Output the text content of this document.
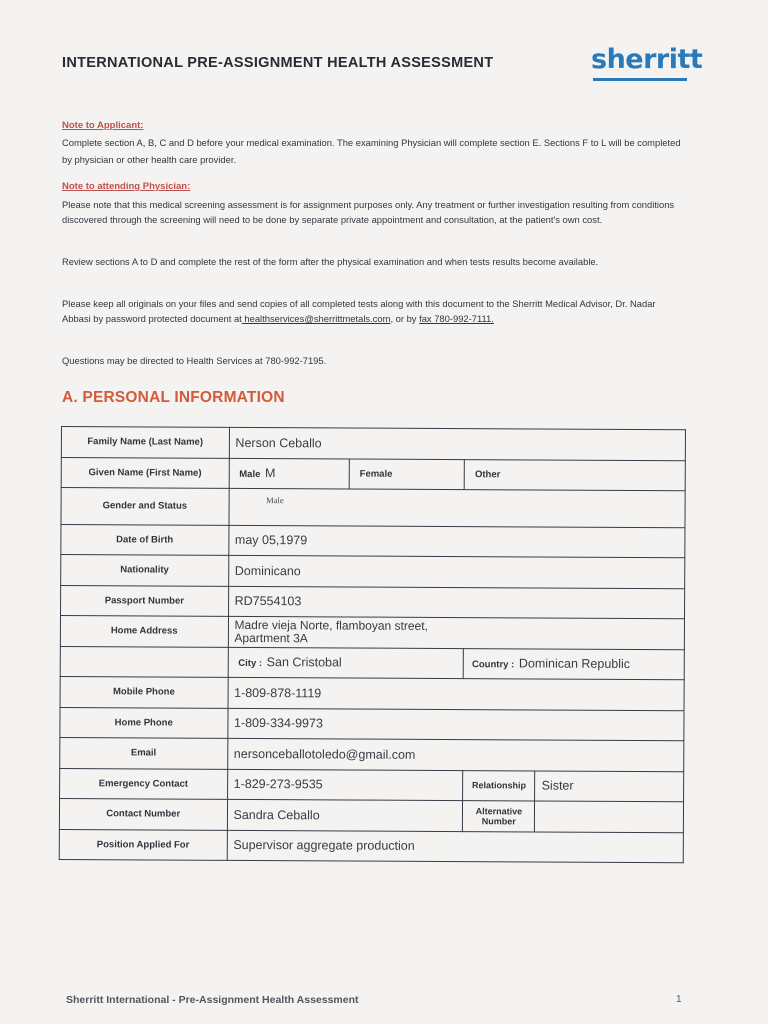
INTERNATIONAL PRE-ASSIGNMENT HEALTH ASSESSMENT	sherritt
Note to Applicant:
Complete section A, B, C and D before your medical examination. The examining Physician will complete section E. Sections F to L will be completed by physician or other health care provider.
Note to attending Physician:
Please note that this medical screening assessment is for assignment purposes only. Any treatment or further investigation resulting from conditions discovered through the screening will need to be done by separate private appointment and consultation, at the patient's own cost.
Review sections A to D and complete the rest of the form after the physical examination and when tests results become available.
Please keep all originals on your files and send copies of all completed tests along with this document to the Sherritt Medical Advisor, Dr. Nadar Abbasi by password protected document at healthservices@sherrittmetals.com, or by fax 780-992-7111.
Questions may be directed to Health Services at 780-992-7195.
A. PERSONAL INFORMATION
Family Name (Last Name)	Nerson Ceballo			
Given Name (First Name)	Male M	Female	Other	
Gender and Status	Male			
Date of Birth	may 05,1979			
Nationality	Dominicano			
Passport Number	RD7554103			
Home Address	Madre vieja Norte, flamboyan street,
Apartment 3A			

	City : San Cristobal		Country : Dominican Republic	
Mobile Phone	1-809-878-1119			
Home Phone	1-809-334-9973			
Email	nersonceballotoledo@gmail.com			
Emergency Contact	1-829-273-9535		Relationship	Sister
Contact Number	Sandra Ceballo		Alternative Number	
Position Applied For	Supervisor aggregate production			
Sherritt International - Pre-Assignment Health Assessment	1
